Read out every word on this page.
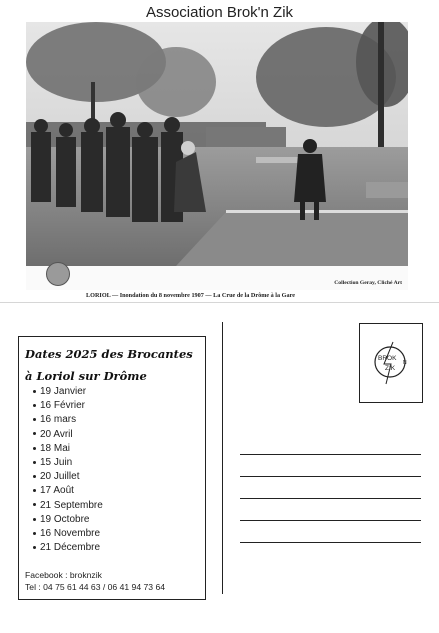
Association Brok'n Zik
Collection Geray, Cliché Art
LORIOL — Inondation du 8 novembre 1907 — La Crue de la Drôme à la Gare
Dates 2025 des Brocantes
à Loriol sur Drôme
19 Janvier
16 Février
16 mars
20 Avril
18 Mai
15 Juin
20 Juillet
17 Août
21 Septembre
19 Octobre
16 Novembre
21 Décembre
Facebook : broknzik
Tel : 04 75 61 44 63 / 06 41 94 73 64
BROK
ZIK
N
